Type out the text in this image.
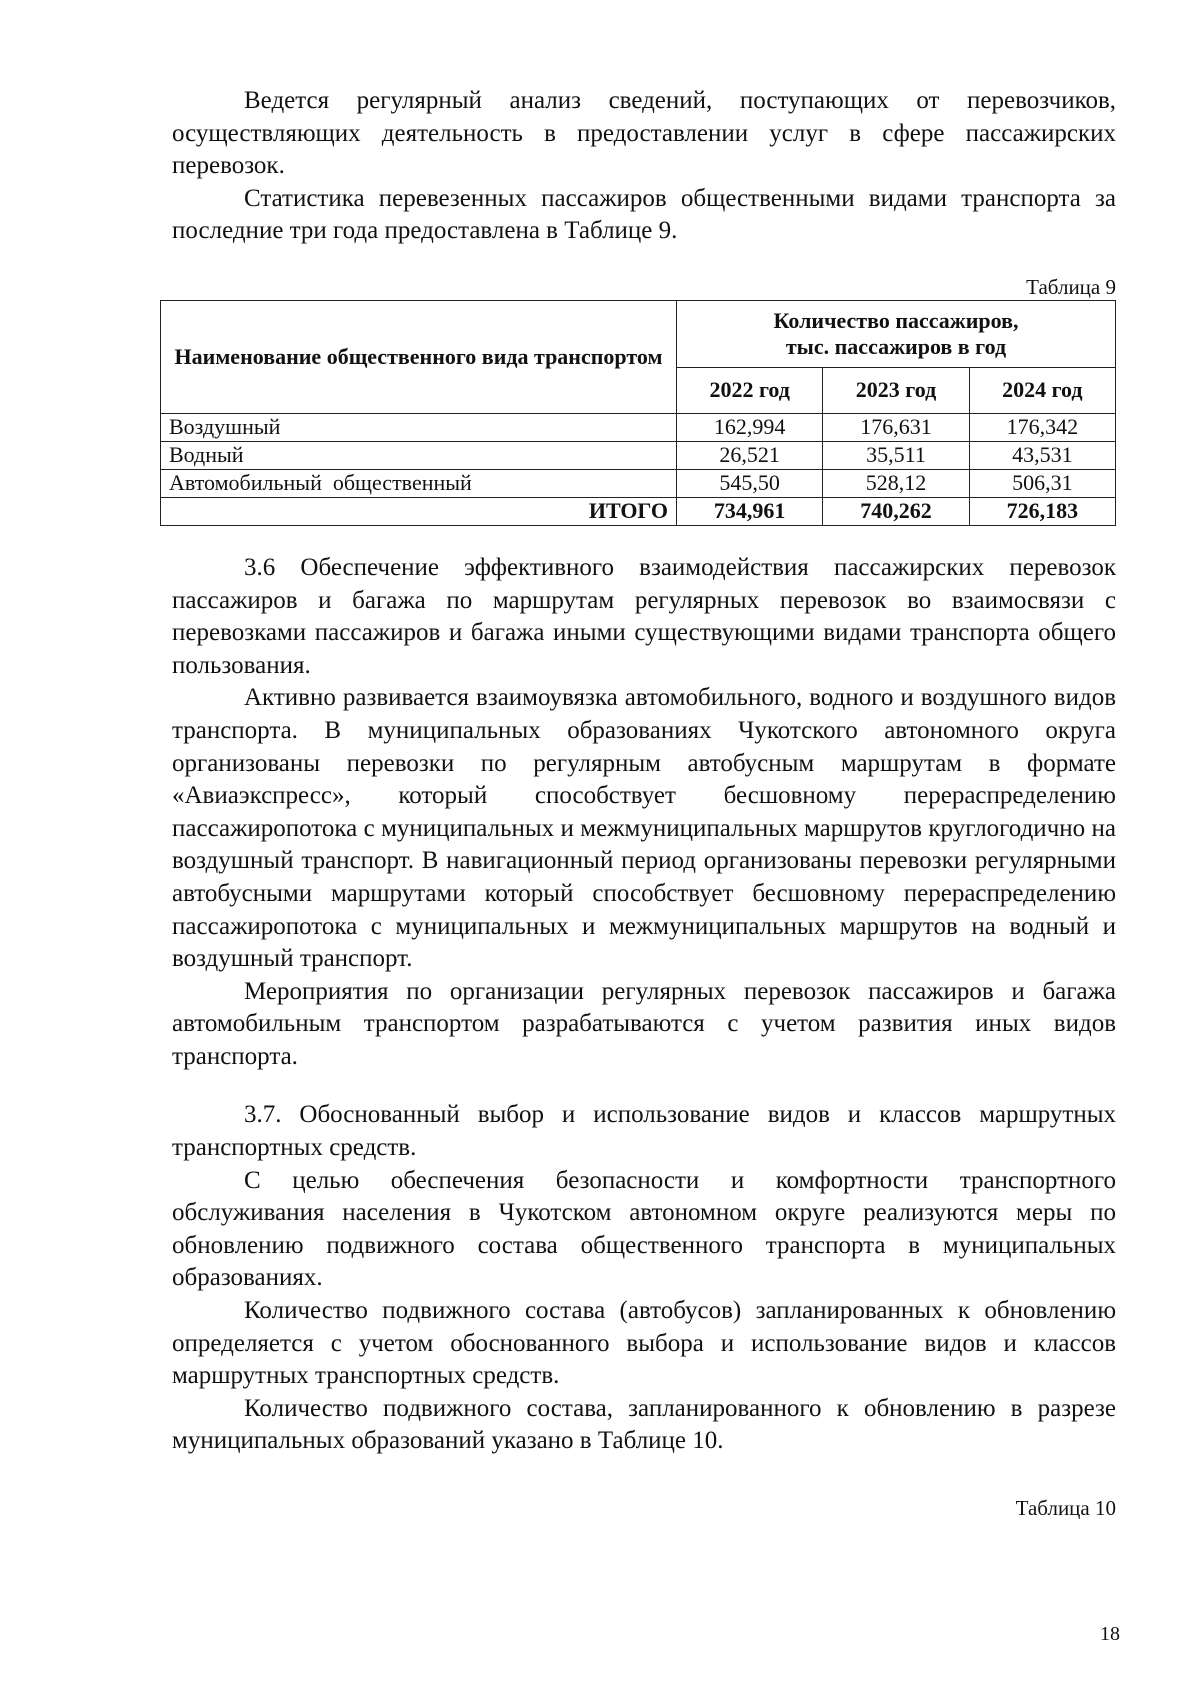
Ведется регулярный анализ сведений, поступающих от перевозчиков, осуществляющих деятельность в предоставлении услуг в сфере пассажирских перевозок.

Статистика перевезенных пассажиров общественными видами транспорта за последние три года предоставлена в Таблице 9.

Таблица 9

Наименование общественного вида транспортом	Количество пассажиров,
тыс. пассажиров в год		
	2022 год	2023 год	2024 год
Воздушный	162,994	176,631	176,342
Водный	26,521	35,511	43,531
Автомобильный  общественный	545,50	528,12	506,31
ИТОГО	734,961	740,262	726,183

3.6 Обеспечение эффективного взаимодействия пассажирских перевозок пассажиров и багажа по маршрутам регулярных перевозок во взаимосвязи с перевозками пассажиров и багажа иными существующими видами транспорта общего пользования.

Активно развивается взаимоувязка автомобильного, водного и воздушного видов транспорта. В муниципальных образованиях Чукотского автономного округа организованы перевозки по регулярным автобусным маршрутам в формате «Авиаэкспресс», который способствует бесшовному перераспределению пассажиропотока с муниципальных и межмуниципальных маршрутов круглогодично на воздушный транспорт. В навигационный период организованы перевозки регулярными автобусными маршрутами который способствует бесшовному перераспределению пассажиропотока с муниципальных и межмуниципальных маршрутов на водный и воздушный транспорт.

Мероприятия по организации регулярных перевозок пассажиров и багажа автомобильным транспортом разрабатываются с учетом развития иных видов транспорта.

3.7. Обоснованный выбор и использование видов и классов маршрутных транспортных средств.

С целью обеспечения безопасности и комфортности транспортного обслуживания населения в Чукотском автономном округе реализуются меры по обновлению подвижного состава общественного транспорта в муниципальных образованиях.

Количество подвижного состава (автобусов) запланированных к обновлению определяется с учетом обоснованного выбора и использование видов и классов маршрутных транспортных средств.

Количество подвижного состава, запланированного к обновлению в разрезе муниципальных образований указано в Таблице 10.

Таблица 10

18
